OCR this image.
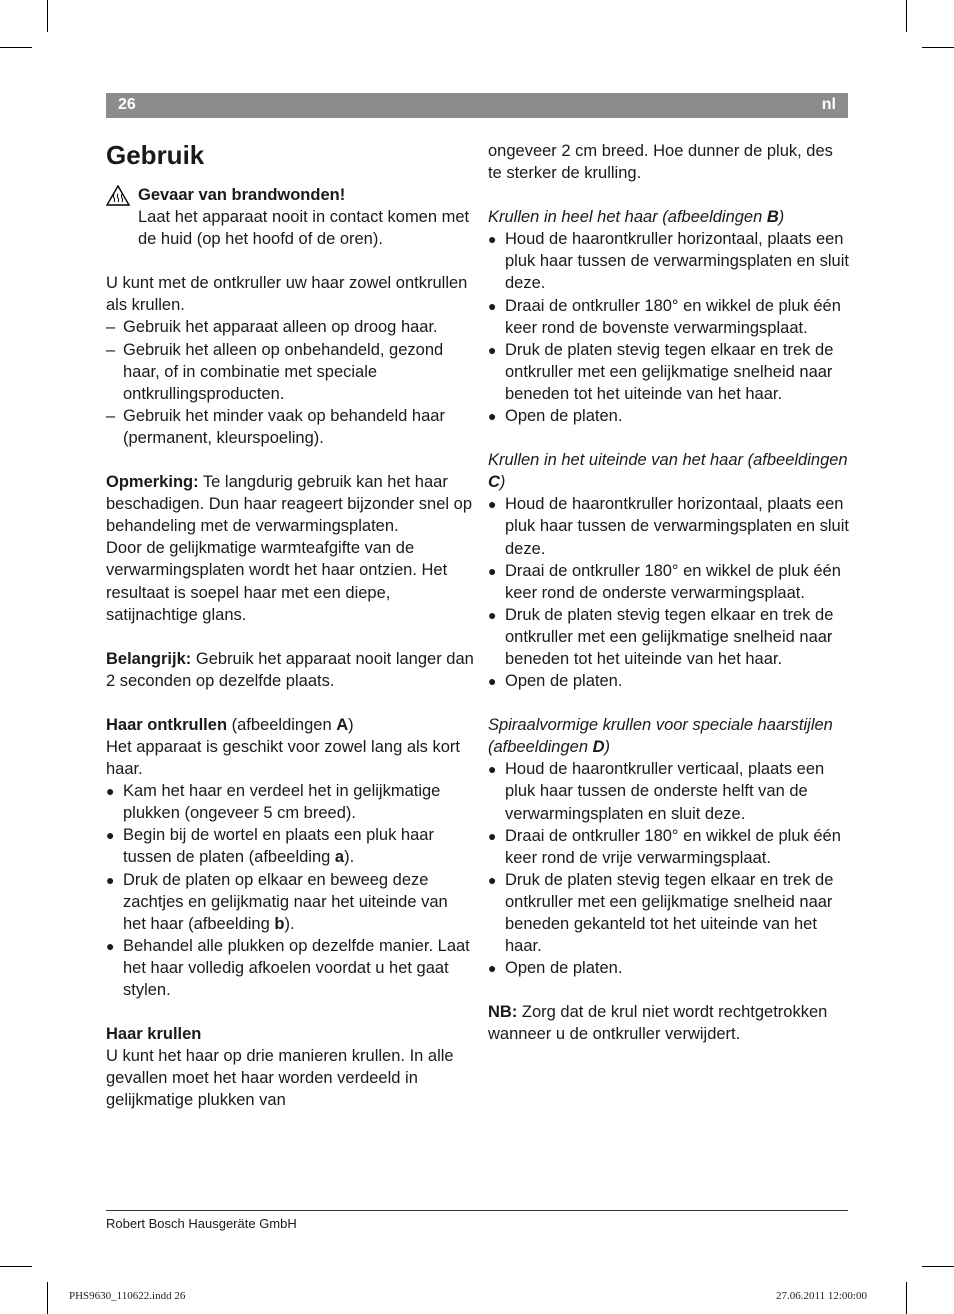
26	nl
Gebruik

Gevaar van brandwonden!

Laat het apparaat nooit in contact komen met de huid (op het hoofd of de oren).

U kunt met de ontkruller uw haar zowel ontkrullen als krullen.

– Gebruik het apparaat alleen op droog haar.
– Gebruik het alleen op onbehandeld, gezond haar, of in combinatie met speciale ontkrullingsproducten.
– Gebruik het minder vaak op behandeld haar (permanent, kleurspoeling).

Opmerking: Te langdurig gebruik kan het haar beschadigen. Dun haar reageert bijzonder snel op behandeling met de verwarmingsplaten.

Door de gelijkmatige warmteafgifte van de verwarmingsplaten wordt het haar ontzien. Het resultaat is soepel haar met een diepe, satijnachtige glans.

Belangrijk: Gebruik het apparaat nooit langer dan 2 seconden op dezelfde plaats.

Haar ontkrullen (afbeeldingen A)

Het apparaat is geschikt voor zowel lang als kort haar.

● Kam het haar en verdeel het in gelijkmatige plukken (ongeveer 5 cm breed).
● Begin bij de wortel en plaats een pluk haar tussen de platen (afbeelding a).
● Druk de platen op elkaar en beweeg deze zachtjes en gelijkmatig naar het uiteinde van het haar (afbeelding b).
● Behandel alle plukken op dezelfde manier. Laat het haar volledig afkoelen voordat u het gaat stylen.

Haar krullen

U kunt het haar op drie manieren krullen. In alle gevallen moet het haar worden verdeeld in gelijkmatige plukken van

ongeveer 2 cm breed. Hoe dunner de pluk, des te sterker de krulling.

Krullen in heel het haar (afbeeldingen B)

● Houd de haarontkruller horizontaal, plaats een pluk haar tussen de verwarmingsplaten en sluit deze.
● Draai de ontkruller 180° en wikkel de pluk één keer rond de bovenste verwarmingsplaat.
● Druk de platen stevig tegen elkaar en trek de ontkruller met een gelijkmatige snelheid naar beneden tot het uiteinde van het haar.
● Open de platen.

Krullen in het uiteinde van het haar (afbeeldingen C)

● Houd de haarontkruller horizontaal, plaats een pluk haar tussen de verwarmingsplaten en sluit deze.
● Draai de ontkruller 180° en wikkel de pluk één keer rond de onderste verwarmingsplaat.
● Druk de platen stevig tegen elkaar en trek de ontkruller met een gelijkmatige snelheid naar beneden tot het uiteinde van het haar.
● Open de platen.

Spiraalvormige krullen voor speciale haarstijlen (afbeeldingen D)

● Houd de haarontkruller verticaal, plaats een pluk haar tussen de onderste helft van de verwarmingsplaten en sluit deze.
● Draai de ontkruller 180° en wikkel de pluk één keer rond de vrije verwarmingsplaat.
● Druk de platen stevig tegen elkaar en trek de ontkruller met een gelijkmatige snelheid naar beneden gekanteld tot het uiteinde van het haar.
● Open de platen.

NB: Zorg dat de krul niet wordt rechtgetrokken wanneer u de ontkruller verwijdert.

Robert Bosch Hausgeräte GmbH
PHS9630_110622.indd 26	27.06.2011 12:00:00
